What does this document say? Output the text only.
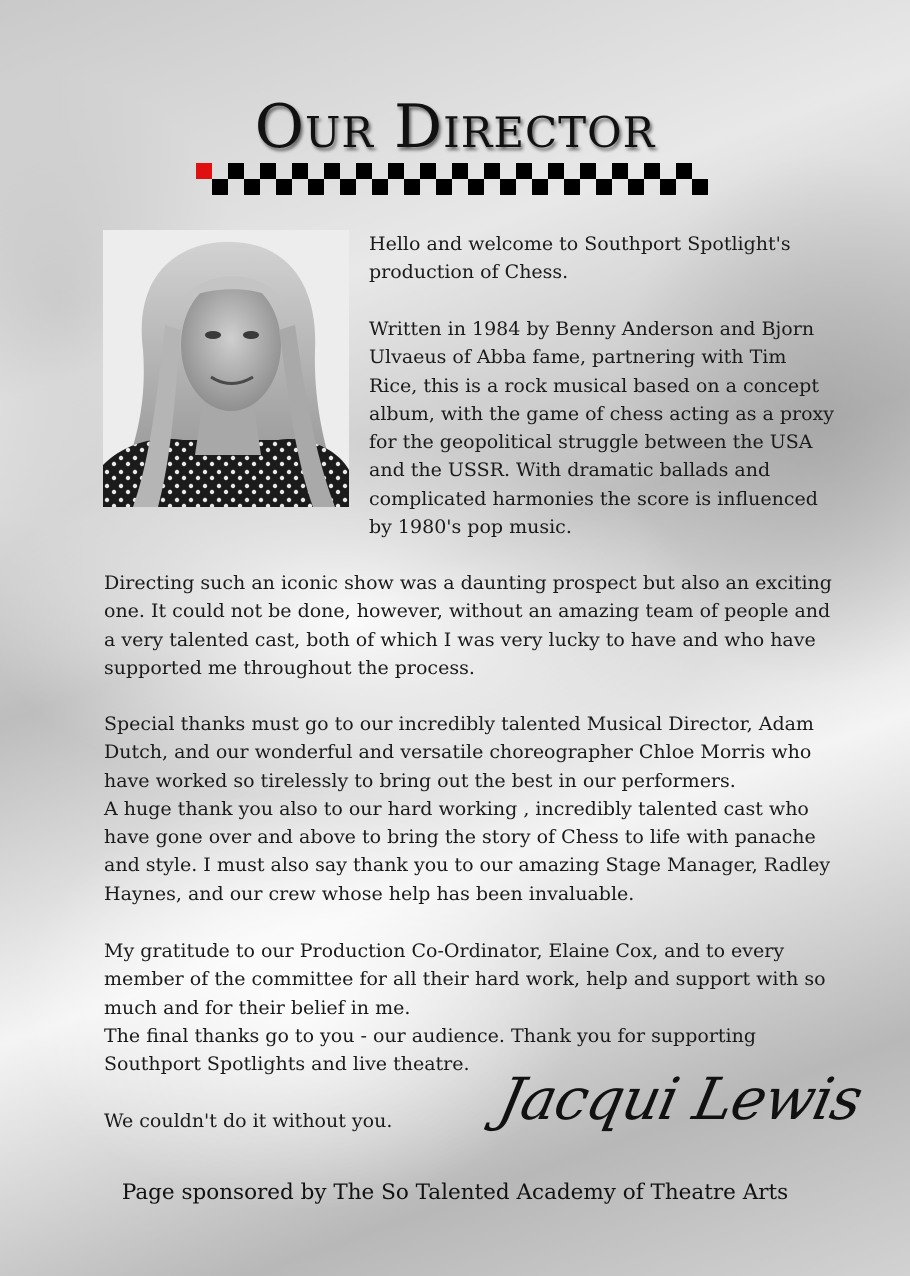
Our Director
Hello and welcome to Southport Spotlight's
production of Chess.
Written in 1984 by Benny Anderson and Bjorn
Ulvaeus of Abba fame, partnering with Tim
Rice, this is a rock musical based on a concept
album, with the game of chess acting as a proxy
for the geopolitical struggle between the USA
and the USSR. With dramatic ballads and
complicated harmonies the score is influenced
by 1980's pop music.
Directing such an iconic show was a daunting prospect but also an exciting
one. It could not be done, however, without an amazing team of people and
a very talented cast, both of which I was very lucky to have and who have
supported me throughout the process.
Special thanks must go to our incredibly talented Musical Director, Adam
Dutch, and our wonderful and versatile choreographer Chloe Morris who
have worked so tirelessly to bring out the best in our performers.
A huge thank you also to our hard working , incredibly talented cast who
have gone over and above to bring the story of Chess to life with panache
and style. I must also say thank you to our amazing Stage Manager, Radley
Haynes, and our crew whose help has been invaluable.
My gratitude to our Production Co-Ordinator, Elaine Cox, and to every
member of the committee for all their hard work, help and support with so
much and for their belief in me.
The final thanks go to you - our audience. Thank you for supporting
Southport Spotlights and live theatre.
We couldn't do it without you. Jacqui Lewis
Page sponsored by The So Talented Academy of Theatre Arts
